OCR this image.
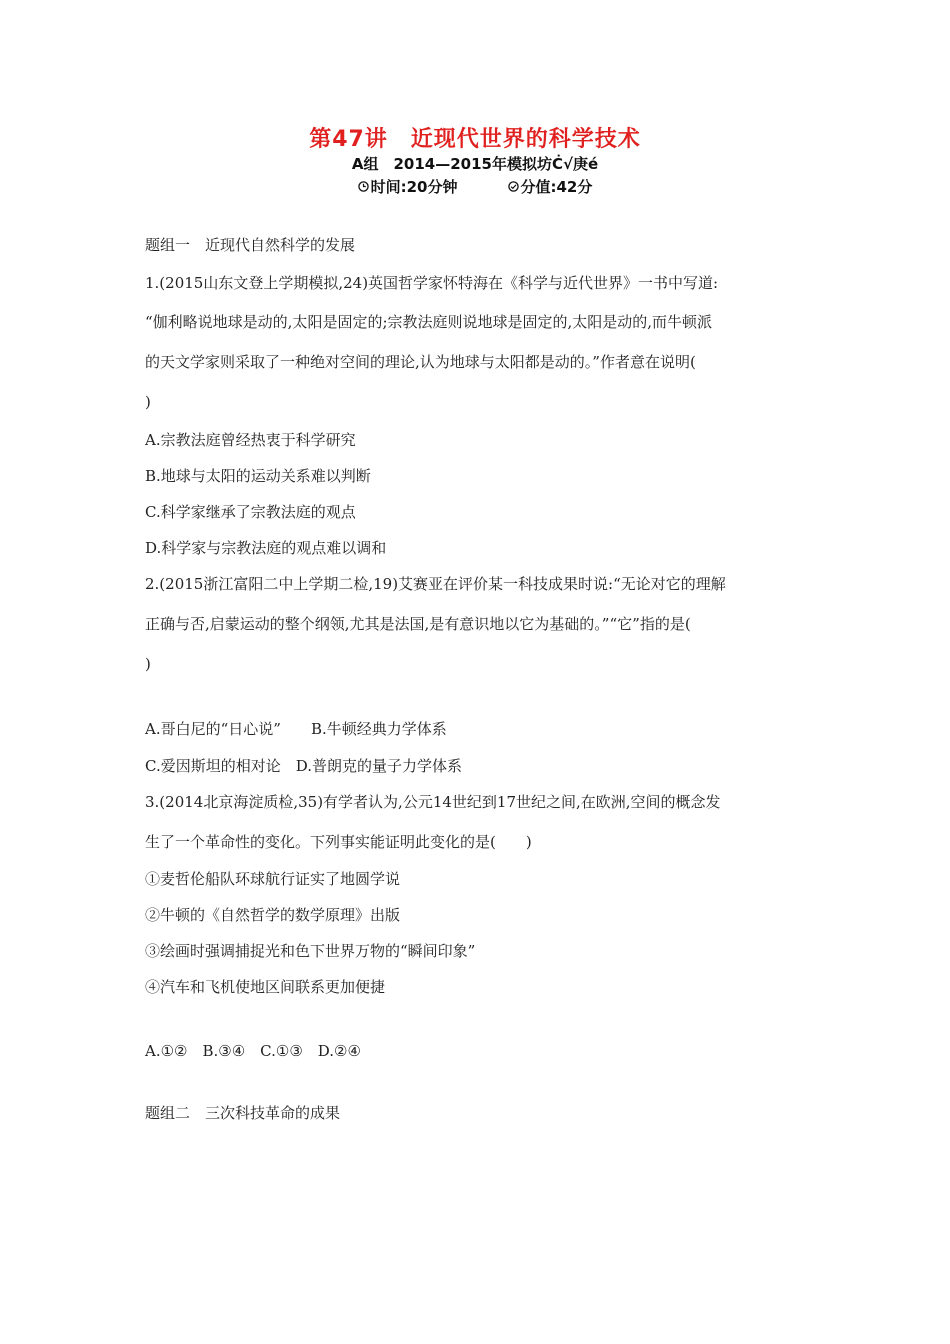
第47讲　近现代世界的科学技术
A组　2014—2015年模拟坊Ċ√庚é
时间:20分钟	分值:42分
题组一　近现代自然科学的发展
1.(2015山东文登上学期模拟,24)英国哲学家怀特海在《科学与近代世界》一书中写道:
“伽利略说地球是动的,太阳是固定的;宗教法庭则说地球是固定的,太阳是动的,而牛顿派
的天文学家则采取了一种绝对空间的理论,认为地球与太阳都是动的。”作者意在说明(
)
A.宗教法庭曾经热衷于科学研究
B.地球与太阳的运动关系难以判断
C.科学家继承了宗教法庭的观点
D.科学家与宗教法庭的观点难以调和
2.(2015浙江富阳二中上学期二检,19)艾赛亚在评价某一科技成果时说:“无论对它的理解
正确与否,启蒙运动的整个纲领,尤其是法国,是有意识地以它为基础的。”“它”指的是(
)
A.哥白尼的“日心说”　　B.牛顿经典力学体系
C.爱因斯坦的相对论　D.普朗克的量子力学体系
3.(2014北京海淀质检,35)有学者认为,公元14世纪到17世纪之间,在欧洲,空间的概念发
生了一个革命性的变化。下列事实能证明此变化的是(　　)
①麦哲伦船队环球航行证实了地圆学说
②牛顿的《自然哲学的数学原理》出版
③绘画时强调捕捉光和色下世界万物的“瞬间印象”
④汽车和飞机使地区间联系更加便捷
A.①②　B.③④　C.①③　D.②④
题组二　三次科技革命的成果
